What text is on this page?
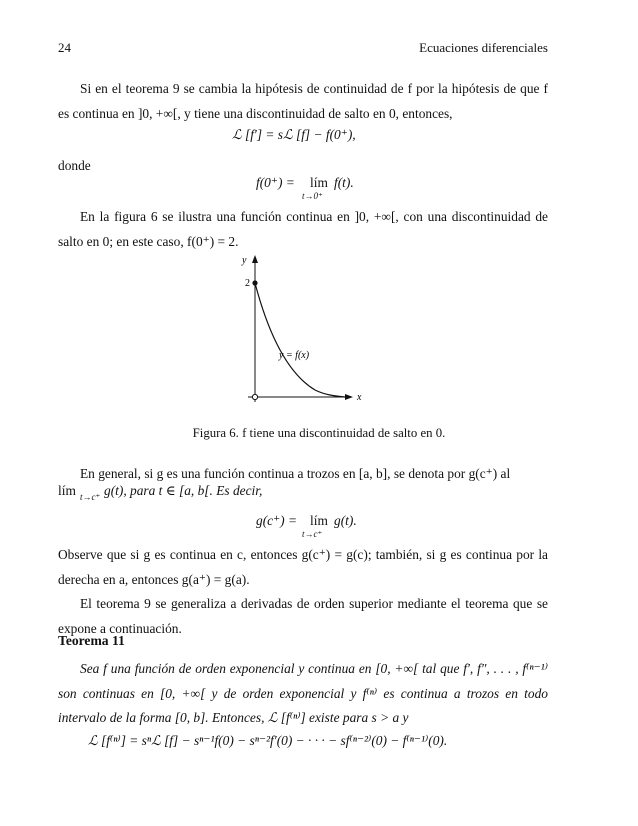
24	Ecuaciones diferenciales

Si en el teorema 9 se cambia la hipótesis de continuidad de f por la hipótesis de que f es continua en ]0, +∞[, y tiene una discontinuidad de salto en 0, entonces,

ℒ [f′] = sℒ [f] − f(0⁺),
donde
f(0⁺) = lím
t→0⁺
f(t).

En la figura 6 se ilustra una función continua en ]0, +∞[, con una discontinuidad de salto en 0; en este caso, f(0⁺) = 2.

y
x
2
y = f(x)
Figura 6. f tiene una discontinuidad de salto en 0.
En general, si g es una función continua a trozos en [a, b], se denota por g(c⁺) al
lím t→c⁺ g(t), para t ∈ [a, b[. Es decir,
g(c⁺) = lím
t→c⁺
g(t).

Observe que si g es continua en c, entonces g(c⁺) = g(c); también, si g es continua por la derecha en a, entonces g(a⁺) = g(a).

El teorema 9 se generaliza a derivadas de orden superior mediante el teorema que se expone a continuación.

Teorema 11

Sea f una función de orden exponencial y continua en [0, +∞[ tal que f′, f″, . . . , f⁽ⁿ⁻¹⁾ son continuas en [0, +∞[ y de orden exponencial y f⁽ⁿ⁾ es continua a trozos en todo intervalo de la forma [0, b]. Entonces, ℒ [f⁽ⁿ⁾] existe para s > a y

ℒ [f⁽ⁿ⁾] = sⁿℒ [f] − sⁿ⁻¹f(0) − sⁿ⁻²f′(0) − · · · − sf⁽ⁿ⁻²⁾(0) − f⁽ⁿ⁻¹⁾(0).
